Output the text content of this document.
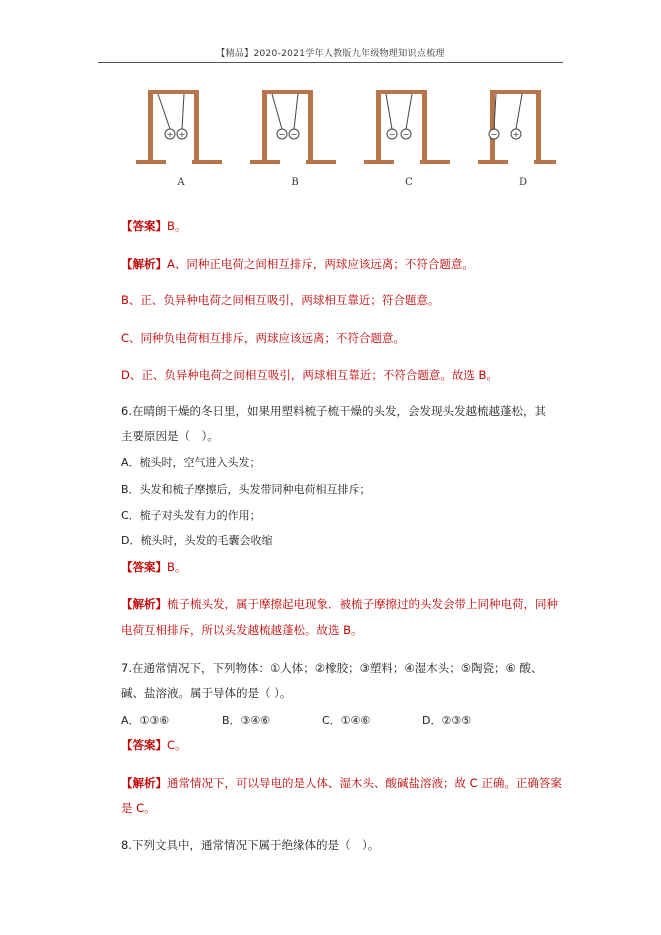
【精品】2020-2021学年人教版九年级物理知识点梳理
+ +
A
− −
B
− −
C
− +
D
【答案】B。
【解析】A、同种正电荷之间相互排斥，两球应该远离；不符合题意。
B、正、负异种电荷之间相互吸引，两球相互靠近；符合题意。
C、同种负电荷相互排斥，两球应该远离；不符合题意。
D、正、负异种电荷之间相互吸引，两球相互靠近；不符合题意。故选 B。
6.在晴朗干燥的冬日里，如果用塑料梳子梳干燥的头发，会发现头发越梳越蓬松，其
主要原因是（　）。
A．梳头时，空气进入头发；
B．头发和梳子摩擦后，头发带同种电荷相互排斥；
C．梳子对头发有力的作用；
D．梳头时，头发的毛囊会收缩
【答案】B。
【解析】梳子梳头发，属于摩擦起电现象．被梳子摩擦过的头发会带上同种电荷，同种
电荷互相排斥，所以头发越梳越蓬松。故选 B。
7.在通常情况下，下列物体：①人体；②橡胶；③塑料；④湿木头；⑤陶瓷；⑥ 酸、
碱、盐溶液。属于导体的是（ ）。
A．①③⑥	B．③④⑥	C．①④⑥	D．②③⑤
【答案】C。
【解析】通常情况下，可以导电的是人体、湿木头、酸碱盐溶液；故 C 正确。正确答案
是 C。
8.下列文具中，通常情况下属于绝缘体的是（　）。
